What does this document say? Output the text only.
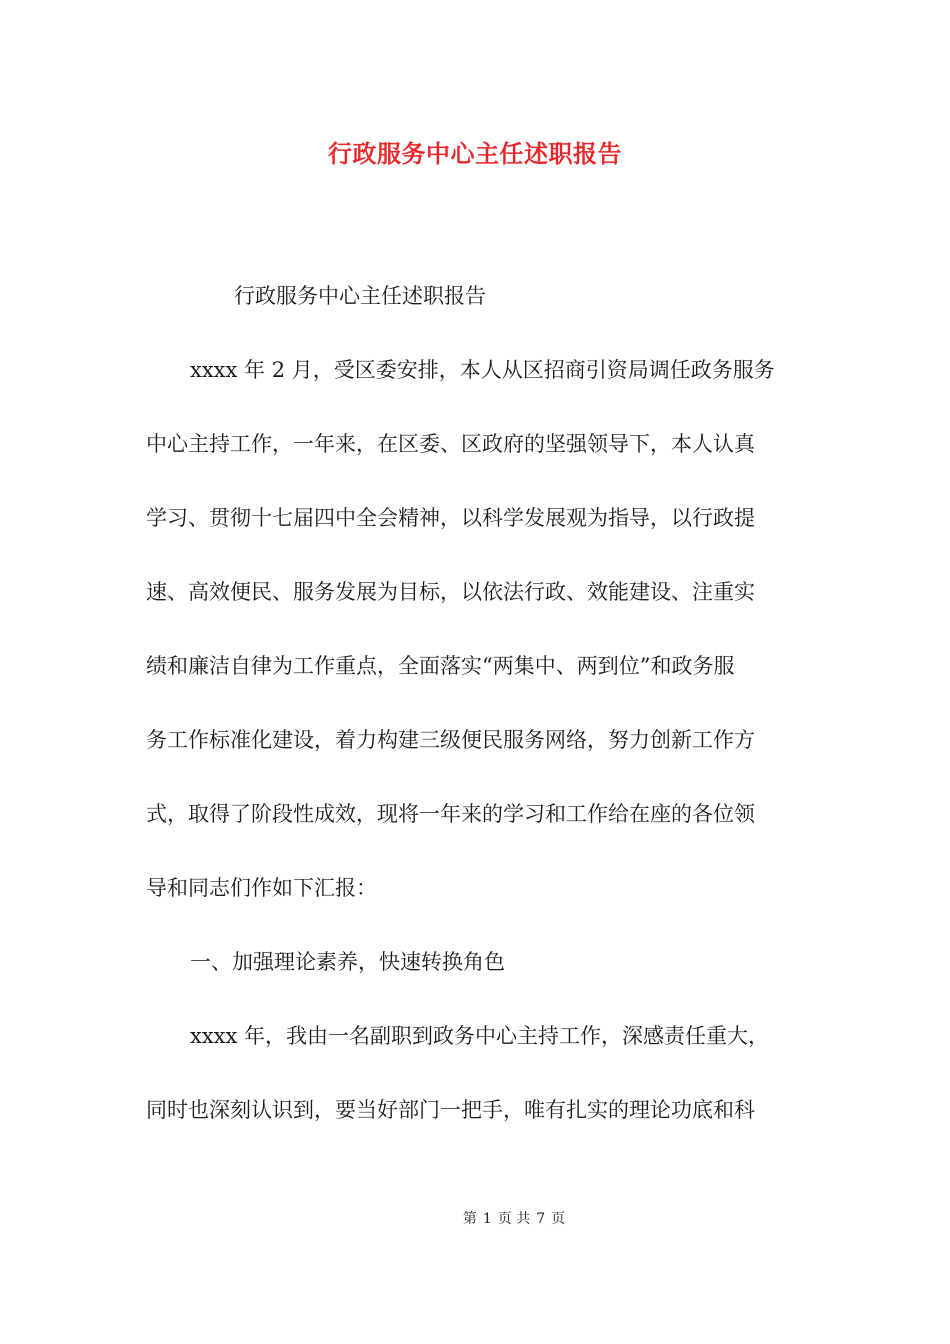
行政服务中心主任述职报告
行政服务中心主任述职报告
xxxx 年 2 月，受区委安排，本人从区招商引资局调任政务服务
中心主持工作，一年来，在区委、区政府的坚强领导下，本人认真
学习、贯彻十七届四中全会精神，以科学发展观为指导，以行政提
速、高效便民、服务发展为目标，以依法行政、效能建设、注重实
绩和廉洁自律为工作重点，全面落实“两集中、两到位”和政务服
务工作标准化建设，着力构建三级便民服务网络，努力创新工作方
式，取得了阶段性成效，现将一年来的学习和工作给在座的各位领
导和同志们作如下汇报：
一、加强理论素养，快速转换角色
xxxx 年，我由一名副职到政务中心主持工作，深感责任重大，
同时也深刻认识到，要当好部门一把手，唯有扎实的理论功底和科
第 1 页 共 7 页
